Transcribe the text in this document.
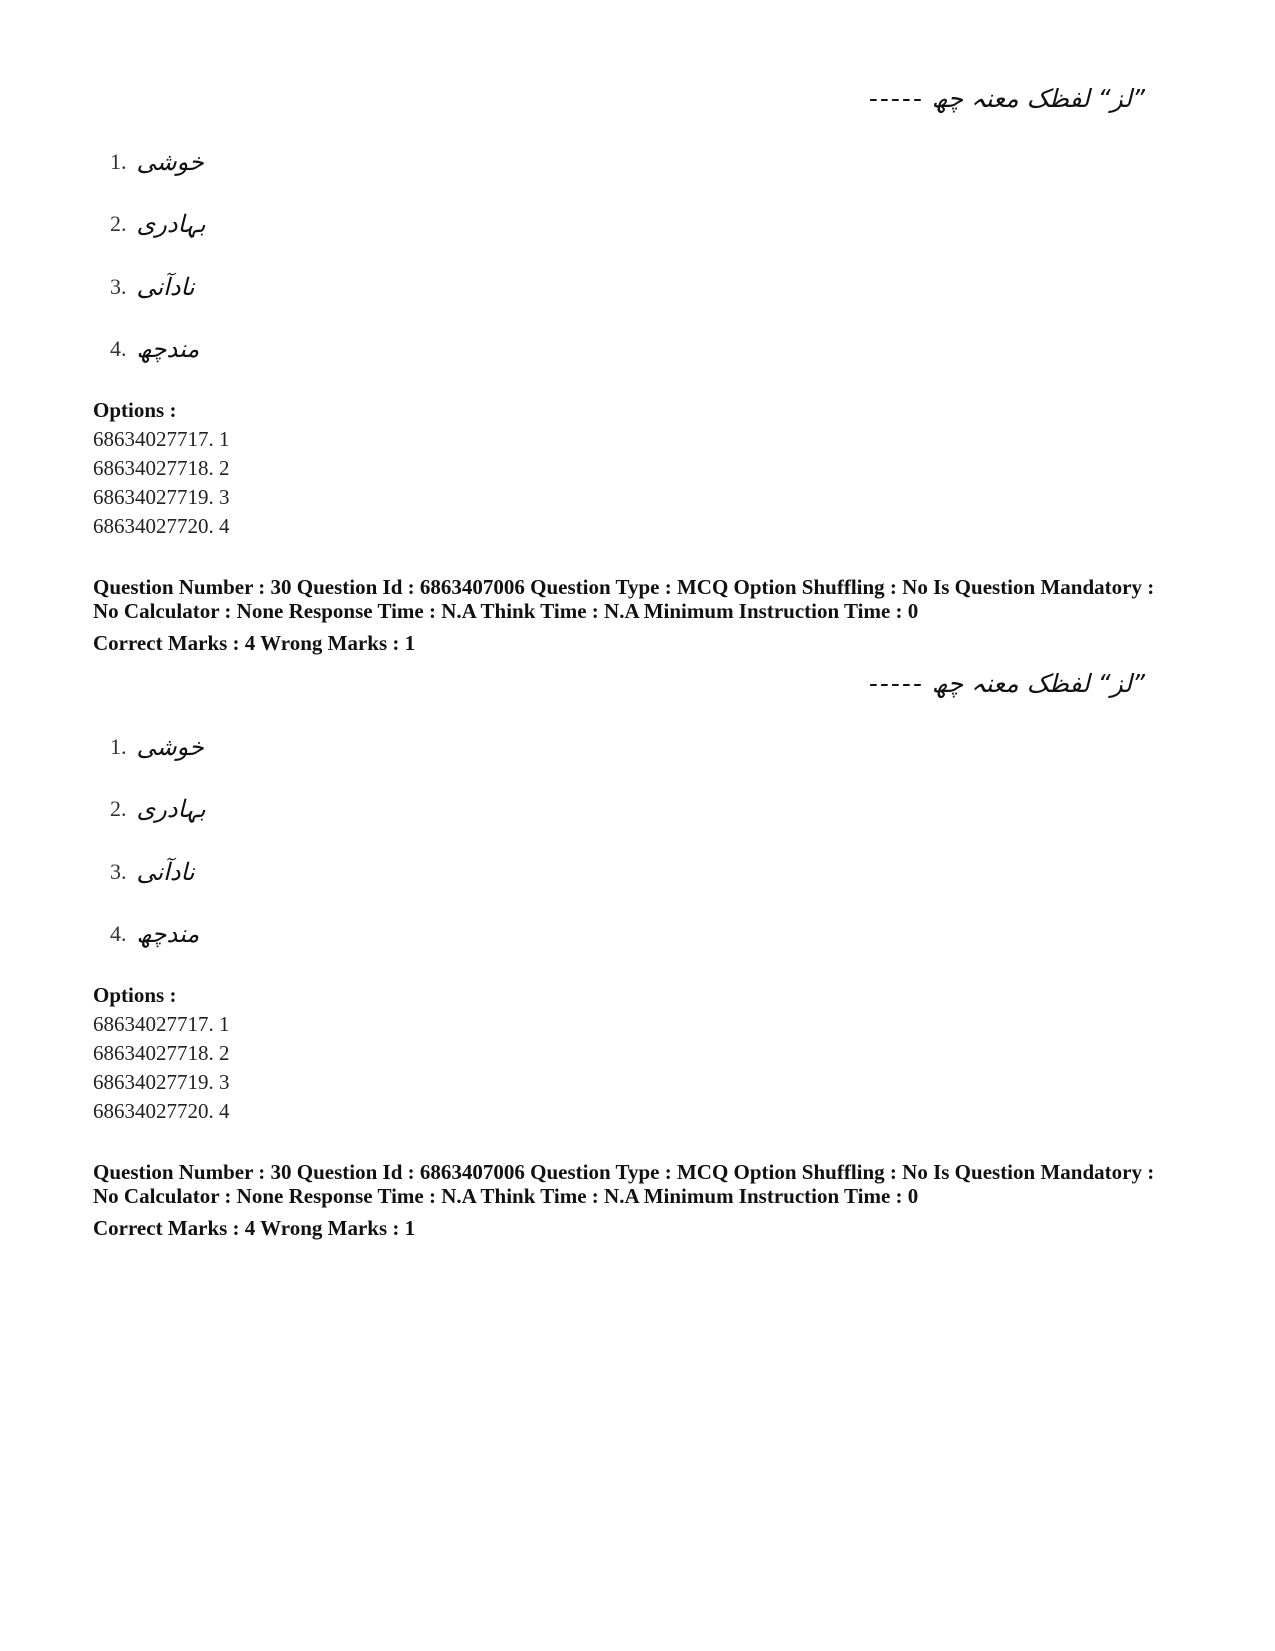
”لز“ لفظک معنہ چھ -----
1. خوشی
2. بہادری
3. نادآنی
4. مندچھ
Options :
68634027717. 1
68634027718. 2
68634027719. 3
68634027720. 4
Question Number : 30 Question Id : 6863407006 Question Type : MCQ Option Shuffling : No Is Question Mandatory :
No Calculator : None Response Time : N.A Think Time : N.A Minimum Instruction Time : 0
Correct Marks : 4 Wrong Marks : 1
”لز“ لفظک معنہ چھ -----
1. خوشی
2. بہادری
3. نادآنی
4. مندچھ
Options :
68634027717. 1
68634027718. 2
68634027719. 3
68634027720. 4
Question Number : 30 Question Id : 6863407006 Question Type : MCQ Option Shuffling : No Is Question Mandatory :
No Calculator : None Response Time : N.A Think Time : N.A Minimum Instruction Time : 0
Correct Marks : 4 Wrong Marks : 1
